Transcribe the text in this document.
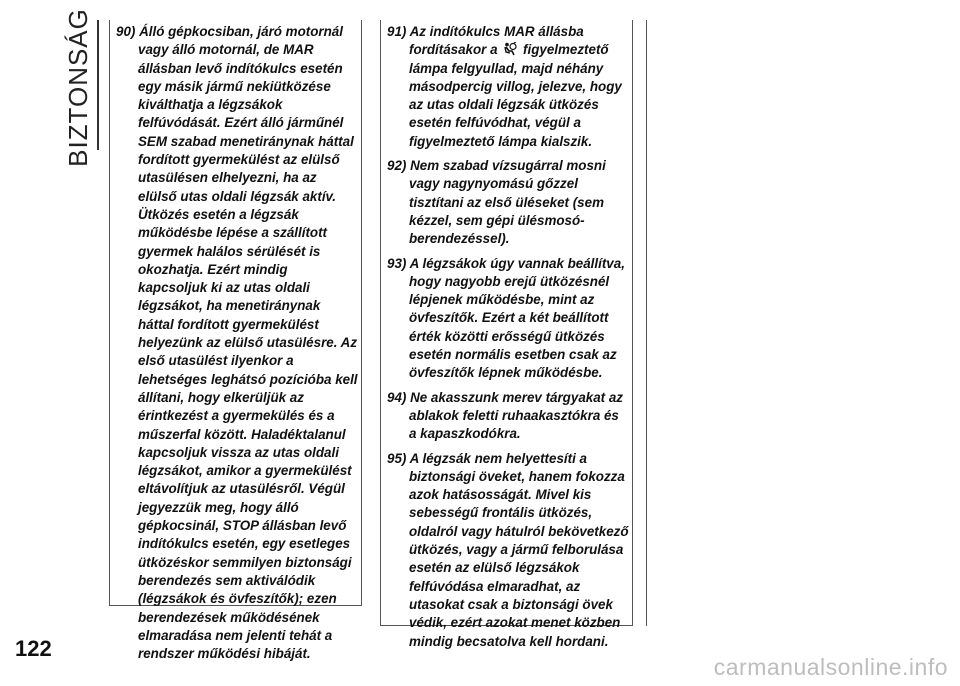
BIZTONSÁG 90) Álló gépkocsiban, járó motornál vagy álló motornál, de MAR állásban levő indítókulcs esetén egy másik jármű nekiütközése kiválthatja a légzsákok felfúvódását. Ezért álló járműnél SEM szabad menetiránynak háttal fordított gyermekülést az elülső utasülésen elhelyezni, ha az elülső utas oldali légzsák aktív. Ütközés esetén a légzsák működésbe lépése a szállított gyermek halálos sérülését is okozhatja. Ezért mindig kapcsoljuk ki az utas oldali légzsákot, ha menetiránynak háttal fordított gyermekülést helyezünk az elülső utasülésre. Az első utasülést ilyenkor a lehetséges leghátsó pozícióba kell állítani, hogy elkerüljük az érintkezést a gyermekülés és a műszerfal között. Haladéktalanul kapcsoljuk vissza az utas oldali légzsákot, amikor a gyermekülést eltávolítjuk az utasülésről. Végül jegyezzük meg, hogy álló gépkocsinál, STOP állásban levő indítókulcs esetén, egy esetleges ütközéskor semmilyen biztonsági berendezés sem aktiválódik (légzsákok és övfeszítők); ezen berendezések működésének elmaradása nem jelenti tehát a rendszer működési hibáját.

91) Az indítókulcs MAR állásba fordításakor a figyelmeztető lámpa felgyullad, majd néhány másodpercig villog, jelezve, hogy az utas oldali légzsák ütközés esetén felfúvódhat, végül a figyelmeztető lámpa kialszik.

92) Nem szabad vízsugárral mosni vagy nagynyomású gőzzel tisztítani az első üléseket (sem kézzel, sem gépi ülésmosó-berendezéssel).

93) A légzsákok úgy vannak beállítva, hogy nagyobb erejű ütközésnél lépjenek működésbe, mint az övfeszítők. Ezért a két beállított érték közötti erősségű ütközés esetén normális esetben csak az övfeszítők lépnek működésbe.

94) Ne akasszunk merev tárgyakat az ablakok feletti ruhaakasztókra és a kapaszkodókra.

95) A légzsák nem helyettesíti a biztonsági öveket, hanem fokozza azok hatásosságát. Mivel kis sebességű frontális ütközés, oldalról vagy hátulról bekövetkező ütközés, vagy a jármű felborulása esetén az elülső légzsákok felfúvódása elmaradhat, az utasokat csak a biztonsági övek védik, ezért azokat menet közben mindig becsatolva kell hordani.

122
carmanualsonline.info
